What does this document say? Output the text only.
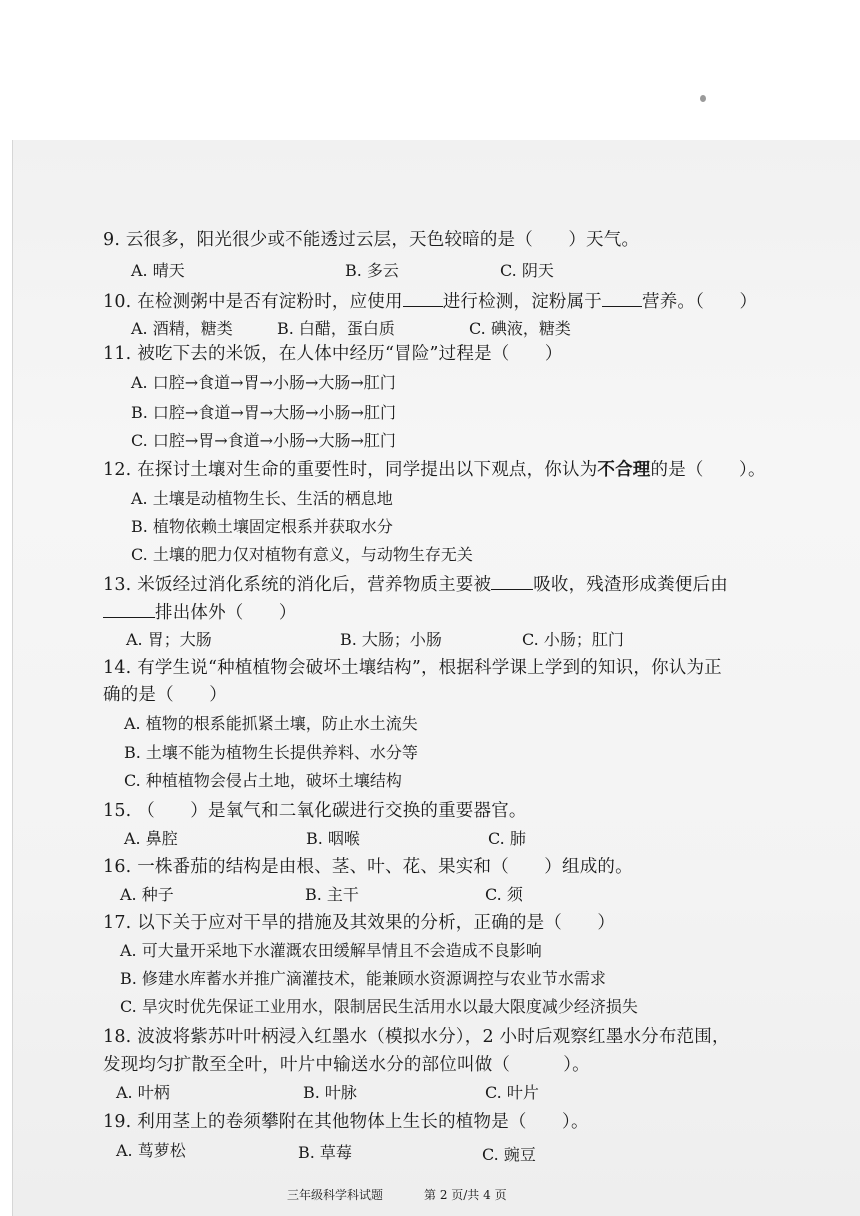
9. 云很多，阳光很少或不能透过云层，天色较暗的是（　　）天气。
A. 晴天	B. 多云	C. 阴天
10. 在检测粥中是否有淀粉时，应使用 进行检测，淀粉属于 营养。（　　）
A. 酒精，糖类	B. 白醋，蛋白质	C. 碘液，糖类
11. 被吃下去的米饭，在人体中经历“冒险”过程是（　　）
A. 口腔→食道→胃→小肠→大肠→肛门
B. 口腔→食道→胃→大肠→小肠→肛门
C. 口腔→胃→食道→小肠→大肠→肛门
12. 在探讨土壤对生命的重要性时，同学提出以下观点，你认为不合理的是（　　）。
A. 土壤是动植物生长、生活的栖息地
B. 植物依赖土壤固定根系并获取水分
C. 土壤的肥力仅对植物有意义，与动物生存无关
13. 米饭经过消化系统的消化后，营养物质主要被 吸收，残渣形成粪便后由
排出体外（　　）
A. 胃；大肠	B. 大肠；小肠	C. 小肠；肛门
14. 有学生说“种植植物会破坏土壤结构”，根据科学课上学到的知识，你认为正
确的是（　　）
A. 植物的根系能抓紧土壤，防止水土流失
B. 土壤不能为植物生长提供养料、水分等
C. 种植植物会侵占土地，破坏土壤结构
15. （　　）是氧气和二氧化碳进行交换的重要器官。
A. 鼻腔	B. 咽喉	C. 肺
16. 一株番茄的结构是由根、茎、叶、花、果实和（　　）组成的。
A. 种子	B. 主干	C. 须
17. 以下关于应对干旱的措施及其效果的分析，正确的是（　　）
A. 可大量开采地下水灌溉农田缓解旱情且不会造成不良影响
B. 修建水库蓄水并推广滴灌技术，能兼顾水资源调控与农业节水需求
C. 旱灾时优先保证工业用水，限制居民生活用水以最大限度减少经济损失
18. 波波将紫苏叶叶柄浸入红墨水（模拟水分），2 小时后观察红墨水分布范围，
发现均匀扩散至全叶，叶片中输送水分的部位叫做（　　　）。
A. 叶柄	B. 叶脉	C. 叶片
19. 利用茎上的卷须攀附在其他物体上生长的植物是（　　）。
A. 茑萝松	B. 草莓	C. 豌豆
三年级科学科试题	第 2 页/共 4 页
